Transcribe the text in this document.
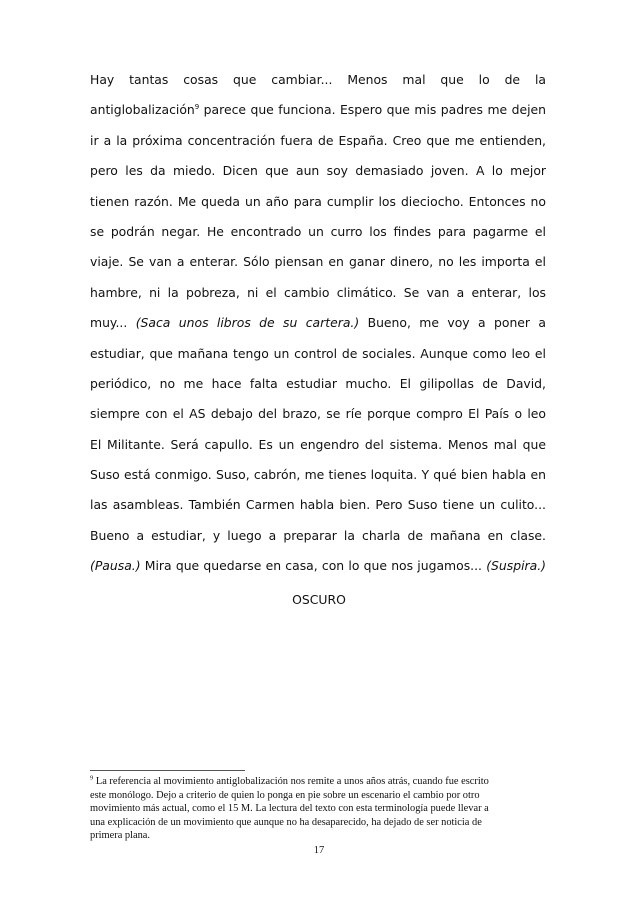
Hay tantas cosas que cambiar... Menos mal que lo de la
antiglobalización$^9$ parece que funciona. Espero que mis padres me dejen
ir a la próxima concentración fuera de España. Creo que me entienden,
pero les da miedo. Dicen que aun soy demasiado joven. A lo mejor
tienen razón. Me queda un año para cumplir los dieciocho. Entonces no
se podrán negar. He encontrado un curro los findes para pagarme el
viaje. Se van a enterar. Sólo piensan en ganar dinero, no les importa el
hambre, ni la pobreza, ni el cambio climático. Se van a enterar, los
muy... (Saca unos libros de su cartera.) Bueno, me voy a poner a
estudiar, que mañana tengo un control de sociales. Aunque como leo el
periódico, no me hace falta estudiar mucho. El gilipollas de David,
siempre con el AS debajo del brazo, se ríe porque compro El País o leo
El Militante. Será capullo. Es un engendro del sistema. Menos mal que
Suso está conmigo. Suso, cabrón, me tienes loquita. Y qué bien habla en
las asambleas. También Carmen habla bien. Pero Suso tiene un culito...
Bueno a estudiar, y luego a preparar la charla de mañana en clase.
(Pausa.) Mira que quedarse en casa, con lo que nos jugamos... (Suspira.)
OSCURO
$^9$ La referencia al movimiento antiglobalización nos remite a unos años atrás, cuando fue escrito
este monólogo. Dejo a criterio de quien lo ponga en pie sobre un escenario el cambio por otro
movimiento más actual, como el 15 M. La lectura del texto con esta terminología puede llevar a
una explicación de un movimiento que aunque no ha desaparecido, ha dejado de ser noticia de
primera plana.
17
